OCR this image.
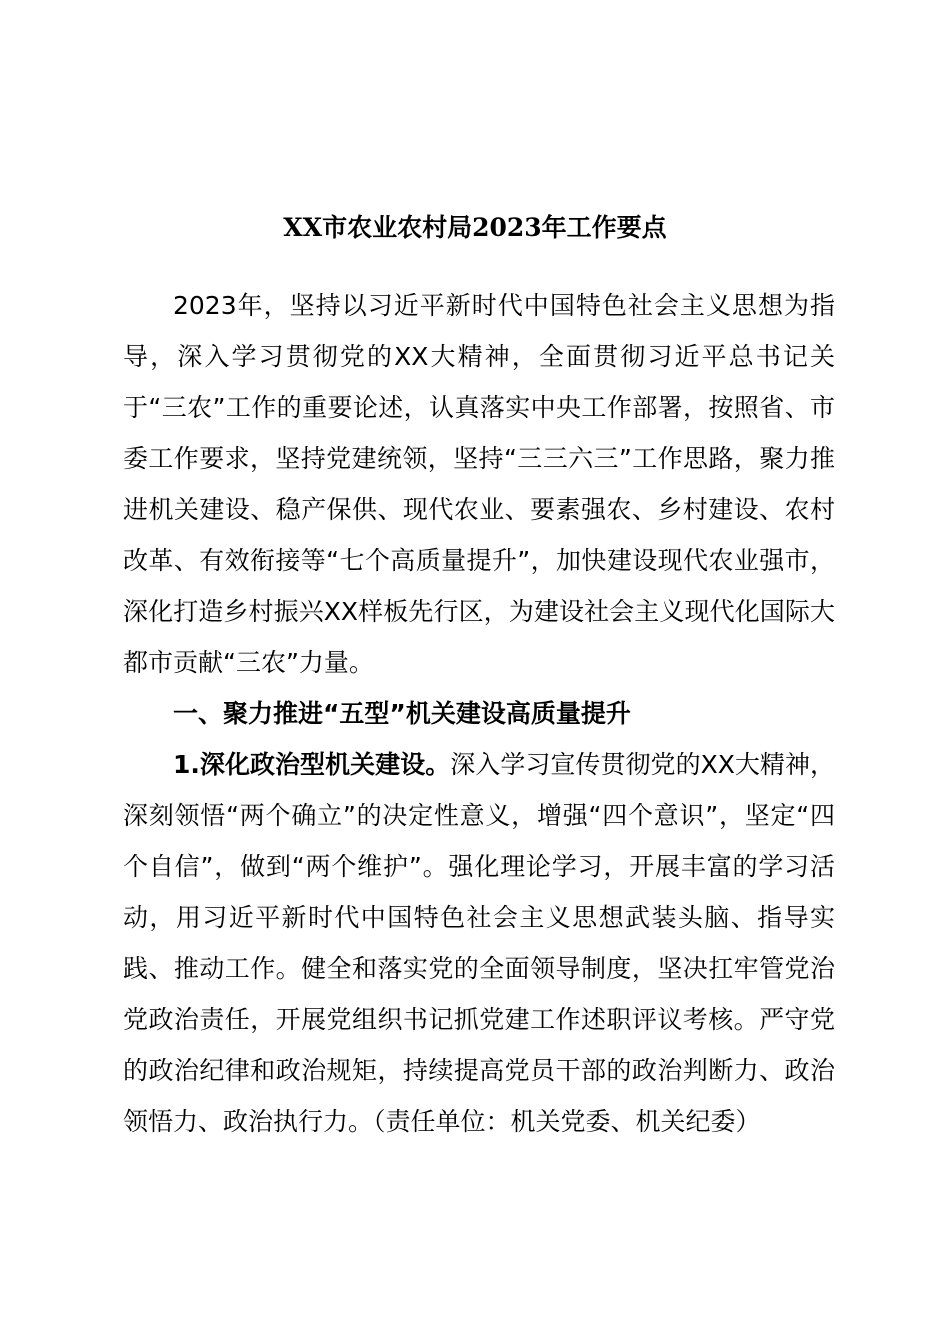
XX市农业农村局2023年工作要点

2023年，坚持以习近平新时代中国特色社会主义思想为指导，深入学习贯彻党的XX大精神，全面贯彻习近平总书记关于“三农”工作的重要论述，认真落实中央工作部署，按照省、市委工作要求，坚持党建统领，坚持“三三六三”工作思路，聚力推进机关建设、稳产保供、现代农业、要素强农、乡村建设、农村改革、有效衔接等“七个高质量提升”，加快建设现代农业强市，深化打造乡村振兴XX样板先行区，为建设社会主义现代化国际大都市贡献“三农”力量。

一、聚力推进“五型”机关建设高质量提升

1.深化政治型机关建设。深入学习宣传贯彻党的XX大精神，深刻领悟“两个确立”的决定性意义，增强“四个意识”，坚定“四个自信”，做到“两个维护”。强化理论学习，开展丰富的学习活动，用习近平新时代中国特色社会主义思想武装头脑、指导实践、推动工作。健全和落实党的全面领导制度，坚决扛牢管党治党政治责任，开展党组织书记抓党建工作述职评议考核。严守党的政治纪律和政治规矩，持续提高党员干部的政治判断力、政治领悟力、政治执行力。（责任单位：机关党委、机关纪委）
